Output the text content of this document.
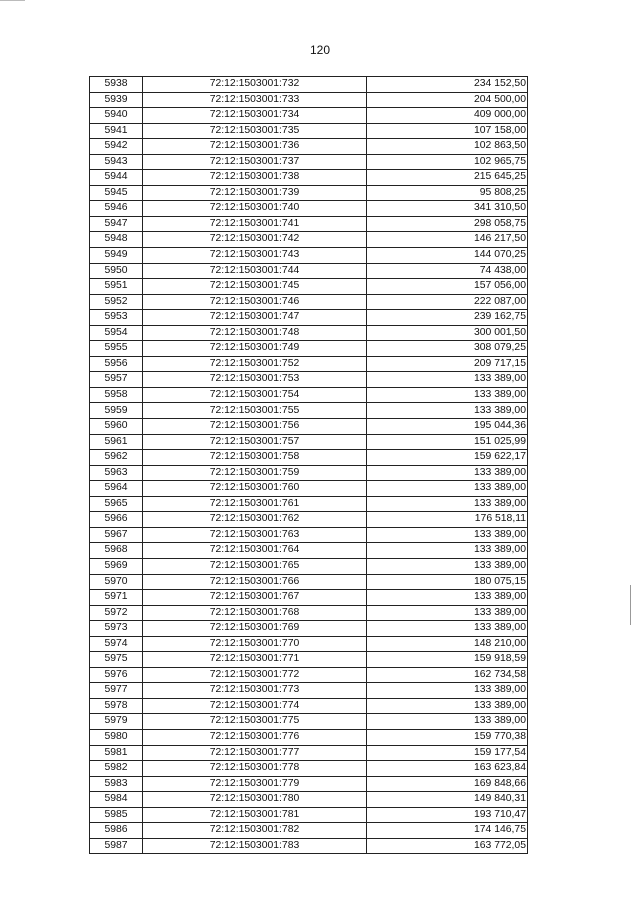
120
5938	72:12:1503001:732	234 152,50
5939	72:12:1503001:733	204 500,00
5940	72:12:1503001:734	409 000,00
5941	72:12:1503001:735	107 158,00
5942	72:12:1503001:736	102 863,50
5943	72:12:1503001:737	102 965,75
5944	72:12:1503001:738	215 645,25
5945	72:12:1503001:739	95 808,25
5946	72:12:1503001:740	341 310,50
5947	72:12:1503001:741	298 058,75
5948	72:12:1503001:742	146 217,50
5949	72:12:1503001:743	144 070,25
5950	72:12:1503001:744	74 438,00
5951	72:12:1503001:745	157 056,00
5952	72:12:1503001:746	222 087,00
5953	72:12:1503001:747	239 162,75
5954	72:12:1503001:748	300 001,50
5955	72:12:1503001:749	308 079,25
5956	72:12:1503001:752	209 717,15
5957	72:12:1503001:753	133 389,00
5958	72:12:1503001:754	133 389,00
5959	72:12:1503001:755	133 389,00
5960	72:12:1503001:756	195 044,36
5961	72:12:1503001:757	151 025,99
5962	72:12:1503001:758	159 622,17
5963	72:12:1503001:759	133 389,00
5964	72:12:1503001:760	133 389,00
5965	72:12:1503001:761	133 389,00
5966	72:12:1503001:762	176 518,11
5967	72:12:1503001:763	133 389,00
5968	72:12:1503001:764	133 389,00
5969	72:12:1503001:765	133 389,00
5970	72:12:1503001:766	180 075,15
5971	72:12:1503001:767	133 389,00
5972	72:12:1503001:768	133 389,00
5973	72:12:1503001:769	133 389,00
5974	72:12:1503001:770	148 210,00
5975	72:12:1503001:771	159 918,59
5976	72:12:1503001:772	162 734,58
5977	72:12:1503001:773	133 389,00
5978	72:12:1503001:774	133 389,00
5979	72:12:1503001:775	133 389,00
5980	72:12:1503001:776	159 770,38
5981	72:12:1503001:777	159 177,54
5982	72:12:1503001:778	163 623,84
5983	72:12:1503001:779	169 848,66
5984	72:12:1503001:780	149 840,31
5985	72:12:1503001:781	193 710,47
5986	72:12:1503001:782	174 146,75
5987	72:12:1503001:783	163 772,05
